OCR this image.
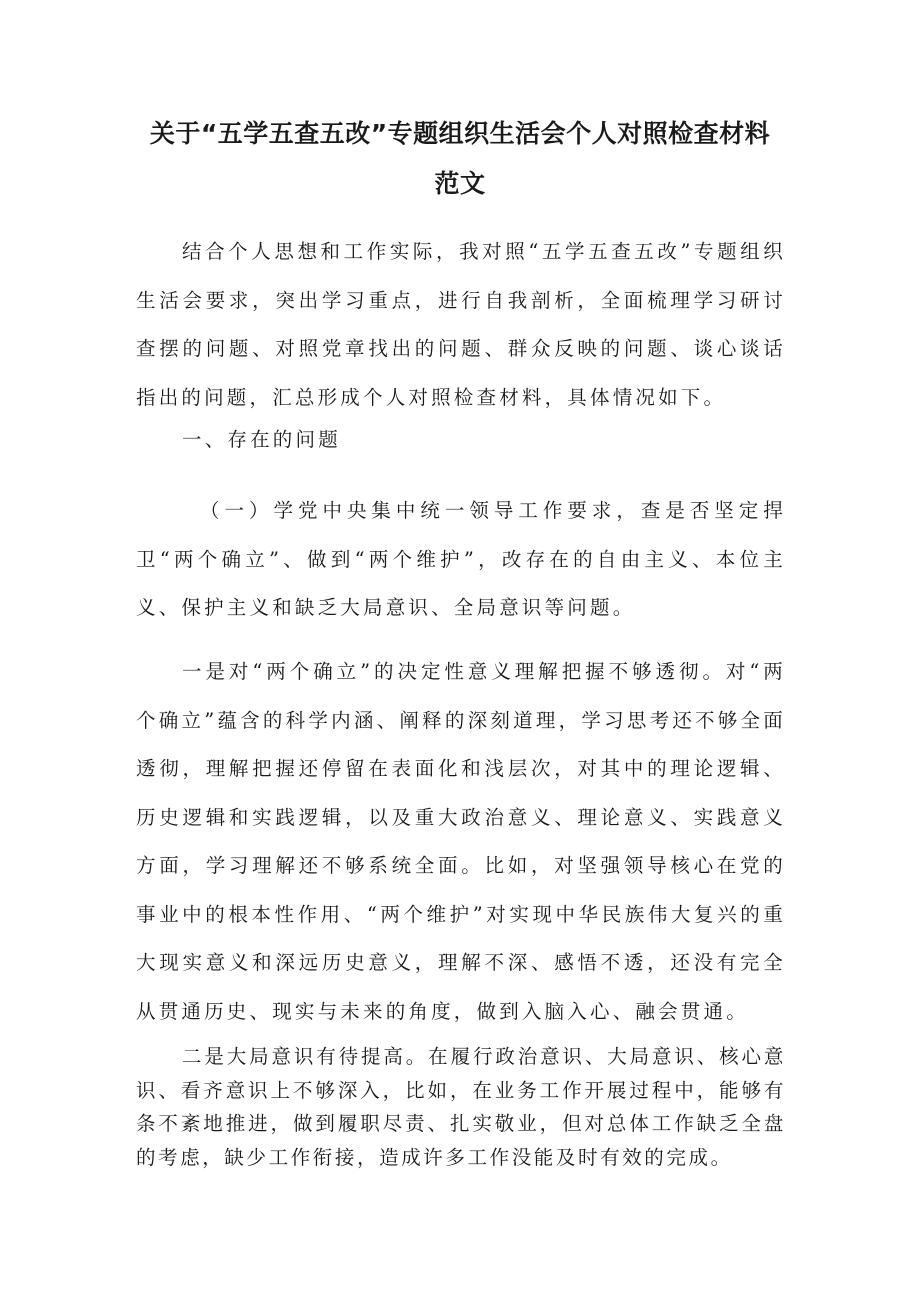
关于“五学五查五改”专题组织生活会个人对照检查材料
范文

结合个人思想和工作实际，我对照“五学五查五改”专题组织生活会要求，突出学习重点，进行自我剖析，全面梳理学习研讨查摆的问题、对照党章找出的问题、群众反映的问题、谈心谈话指出的问题，汇总形成个人对照检查材料，具体情况如下。

一、存在的问题

（一）学党中央集中统一领导工作要求，查是否坚定捍卫“两个确立”、做到“两个维护”，改存在的自由主义、本位主义、保护主义和缺乏大局意识、全局意识等问题。

一是对“两个确立”的决定性意义理解把握不够透彻。对“两个确立”蕴含的科学内涵、阐释的深刻道理，学习思考还不够全面透彻，理解把握还停留在表面化和浅层次，对其中的理论逻辑、历史逻辑和实践逻辑，以及重大政治意义、理论意义、实践意义方面，学习理解还不够系统全面。比如，对坚强领导核心在党的事业中的根本性作用、“两个维护”对实现中华民族伟大复兴的重大现实意义和深远历史意义，理解不深、感悟不透，还没有完全从贯通历史、现实与未来的角度，做到入脑入心、融会贯通。

二是大局意识有待提高。在履行政治意识、大局意识、核心意识、看齐意识上不够深入，比如，在业务工作开展过程中，能够有条不紊地推进，做到履职尽责、扎实敬业，但对总体工作缺乏全盘的考虑，缺少工作衔接，造成许多工作没能及时有效的完成。
